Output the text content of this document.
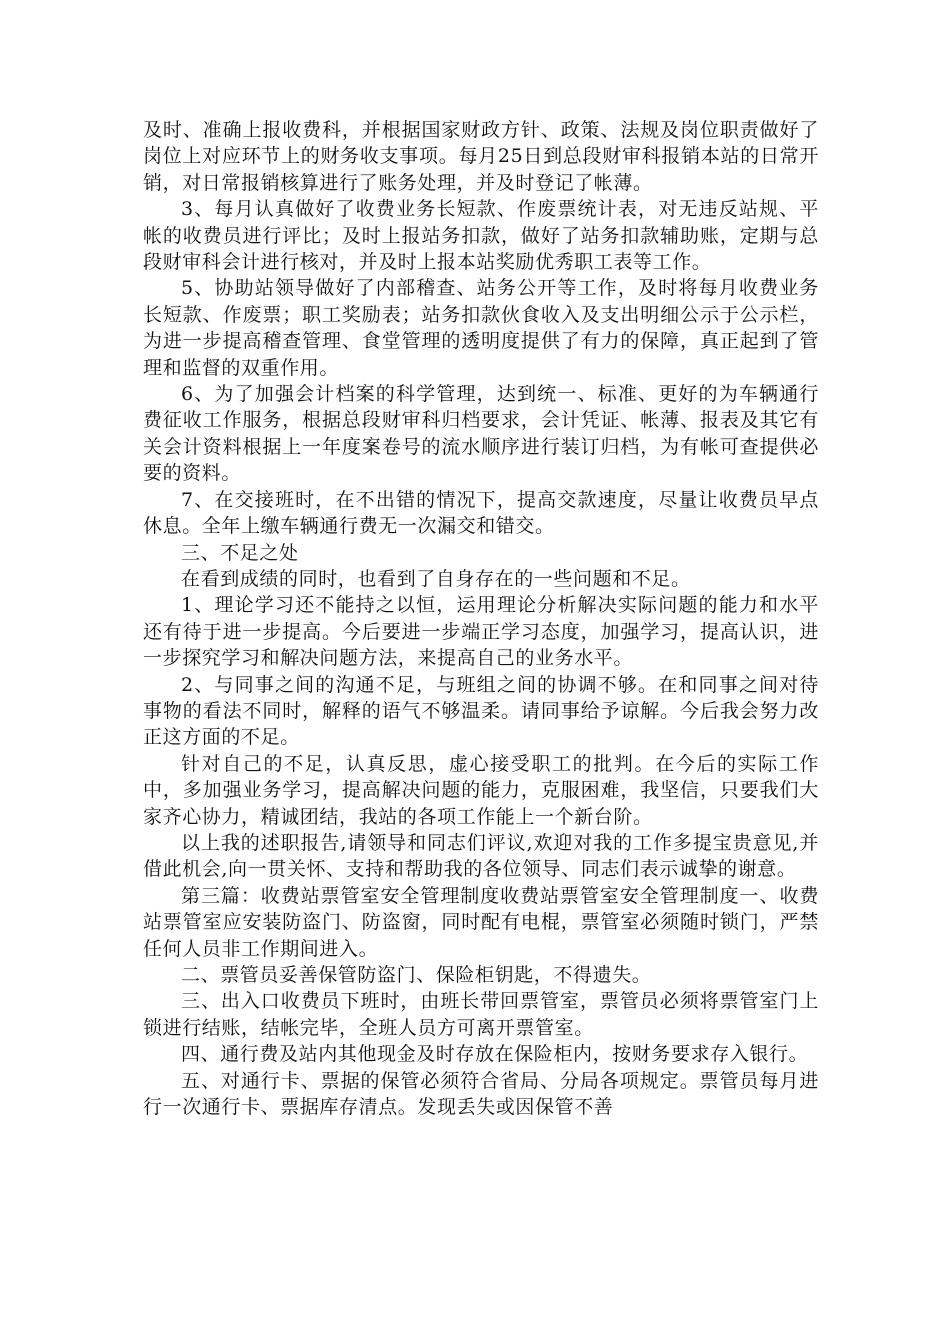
及时、准确上报收费科，并根据国家财政方针、政策、法规及岗位职责做好了岗位上对应环节上的财务收支事项。每月25日到总段财审科报销本站的日常开销，对日常报销核算进行了账务处理，并及时登记了帐薄。

3、每月认真做好了收费业务长短款、作废票统计表，对无违反站规、平帐的收费员进行评比；及时上报站务扣款，做好了站务扣款辅助账，定期与总段财审科会计进行核对，并及时上报本站奖励优秀职工表等工作。

5、协助站领导做好了内部稽查、站务公开等工作，及时将每月收费业务长短款、作废票；职工奖励表；站务扣款伙食收入及支出明细公示于公示栏，为进一步提高稽查管理、食堂管理的透明度提供了有力的保障，真正起到了管理和监督的双重作用。

6、为了加强会计档案的科学管理，达到统一、标准、更好的为车辆通行费征收工作服务，根据总段财审科归档要求，会计凭证、帐薄、报表及其它有关会计资料根据上一年度案卷号的流水顺序进行装订归档，为有帐可查提供必要的资料。

7、在交接班时，在不出错的情况下，提高交款速度，尽量让收费员早点休息。全年上缴车辆通行费无一次漏交和错交。

三、不足之处

在看到成绩的同时，也看到了自身存在的一些问题和不足。

1、理论学习还不能持之以恒，运用理论分析解决实际问题的能力和水平还有待于进一步提高。今后要进一步端正学习态度，加强学习，提高认识，进一步探究学习和解决问题方法，来提高自己的业务水平。

2、与同事之间的沟通不足，与班组之间的协调不够。在和同事之间对待事物的看法不同时，解释的语气不够温柔。请同事给予谅解。今后我会努力改正这方面的不足。

针对自己的不足，认真反思，虚心接受职工的批判。在今后的实际工作中，多加强业务学习，提高解决问题的能力，克服困难，我坚信，只要我们大家齐心协力，精诚团结，我站的各项工作能上一个新台阶。

以上我的述职报告,请领导和同志们评议,欢迎对我的工作多提宝贵意见,并借此机会,向一贯关怀、支持和帮助我的各位领导、同志们表示诚挚的谢意。

第三篇：收费站票管室安全管理制度收费站票管室安全管理制度一、收费站票管室应安装防盗门、防盗窗，同时配有电棍，票管室必须随时锁门，严禁任何人员非工作期间进入。

二、票管员妥善保管防盗门、保险柜钥匙，不得遗失。

三、出入口收费员下班时，由班长带回票管室，票管员必须将票管室门上锁进行结账，结帐完毕，全班人员方可离开票管室。

四、通行费及站内其他现金及时存放在保险柜内，按财务要求存入银行。

五、对通行卡、票据的保管必须符合省局、分局各项规定。票管员每月进行一次通行卡、票据库存清点。发现丢失或因保管不善
